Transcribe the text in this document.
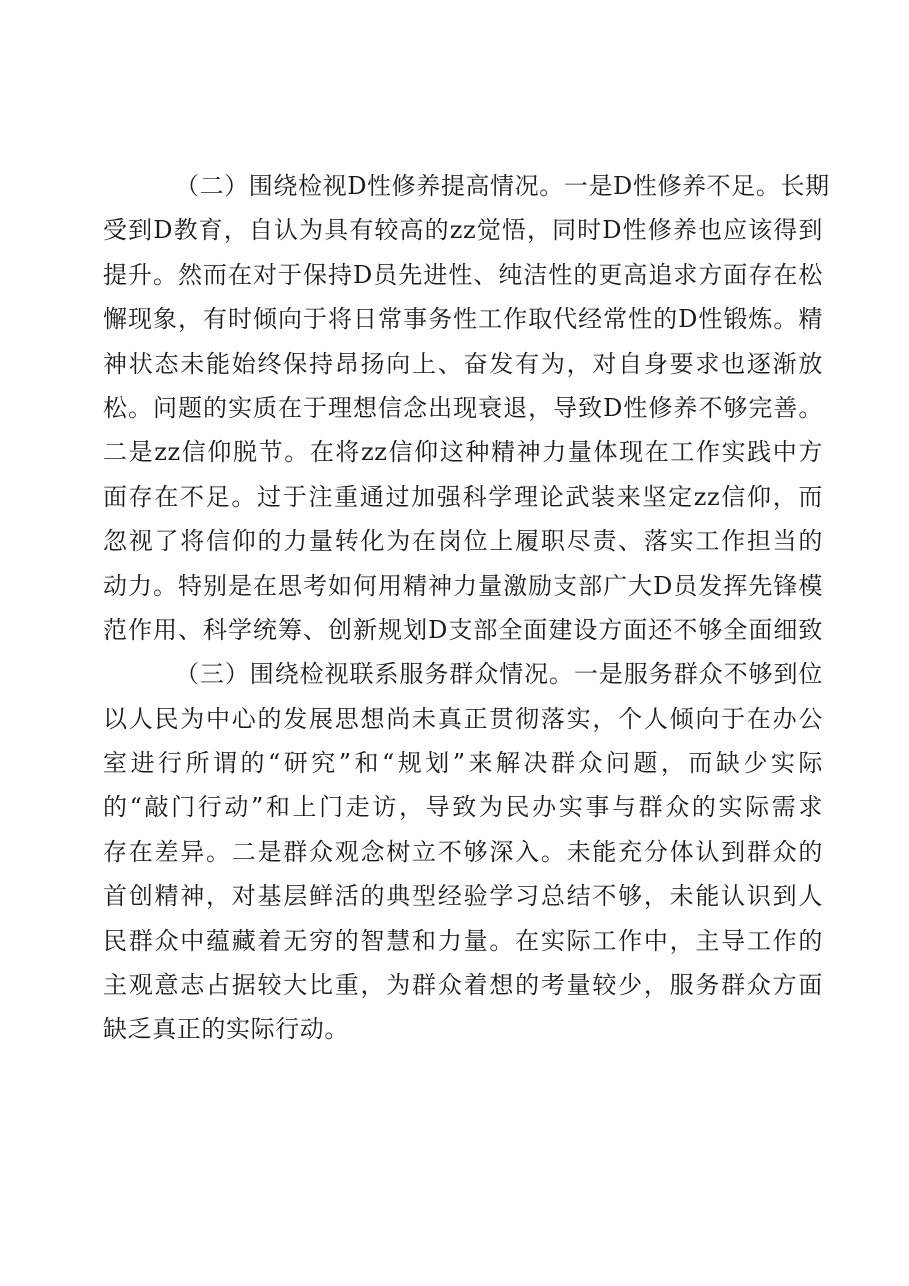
（二）围绕检视D性修养提高情况。一是D性修养不足。长期
受到D教育，自认为具有较高的zz觉悟，同时D性修养也应该得到
提升。然而在对于保持D员先进性、纯洁性的更高追求方面存在松
懈现象，有时倾向于将日常事务性工作取代经常性的D性锻炼。精
神状态未能始终保持昂扬向上、奋发有为，对自身要求也逐渐放
松。问题的实质在于理想信念出现衰退，导致D性修养不够完善。
二是zz信仰脱节。在将zz信仰这种精神力量体现在工作实践中方
面存在不足。过于注重通过加强科学理论武装来坚定zz信仰，而
忽视了将信仰的力量转化为在岗位上履职尽责、落实工作担当的
动力。特别是在思考如何用精神力量激励支部广大D员发挥先锋模
范作用、科学统筹、创新规划D支部全面建设方面还不够全面细致
（三）围绕检视联系服务群众情况。一是服务群众不够到位
以人民为中心的发展思想尚未真正贯彻落实，个人倾向于在办公
室进行所谓的“研究”和“规划”来解决群众问题，而缺少实际
的“敲门行动”和上门走访，导致为民办实事与群众的实际需求
存在差异。二是群众观念树立不够深入。未能充分体认到群众的
首创精神，对基层鲜活的典型经验学习总结不够，未能认识到人
民群众中蕴藏着无穷的智慧和力量。在实际工作中，主导工作的
主观意志占据较大比重，为群众着想的考量较少，服务群众方面
缺乏真正的实际行动。
